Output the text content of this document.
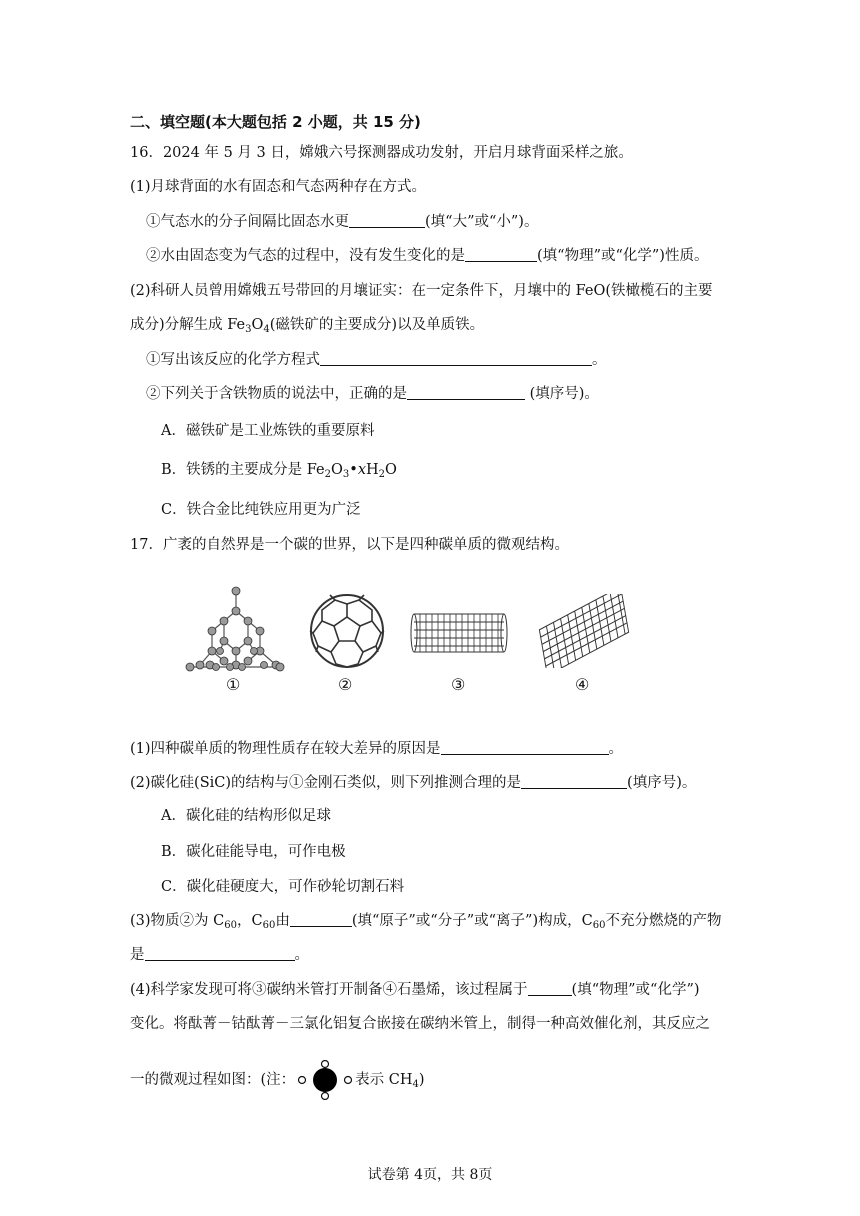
二、填空题(本大题包括 2 小题，共 15 分)
16．2024 年 5 月 3 日，嫦娥六号探测器成功发射，开启月球背面采样之旅。
(1)月球背面的水有固态和气态两种存在方式。
①气态水的分子间隔比固态水更	(填“大”或“小”)。
②水由固态变为气态的过程中，没有发生变化的是	(填“物理”或“化学”)性质。
(2)科研人员曾用嫦娥五号带回的月壤证实：在一定条件下，月壤中的 FeO(铁橄榄石的主要
成分)分解生成 $Fe_3O_4$(磁铁矿的主要成分)以及单质铁。
①写出该反应的化学方程式	。
②下列关于含铁物质的说法中，正确的是	(填序号)。
A．磁铁矿是工业炼铁的重要原料
B．铁锈的主要成分是 $Fe_2O_3•xH_2O$
C．铁合金比纯铁应用更为广泛
17．广袤的自然界是一个碳的世界，以下是四种碳单质的微观结构。
①	②	③	④
(1)四种碳单质的物理性质存在较大差异的原因是	。
(2)碳化硅(SiC)的结构与①金刚石类似，则下列推测合理的是	(填序号)。
A．碳化硅的结构形似足球
B．碳化硅能导电，可作电极
C．碳化硅硬度大，可作砂轮切割石料
(3)物质②为 $C_{60}$，$C_{60}$由	(填“原子”或“分子”或“离子”)构成，$C_{60}$不充分燃烧的产物
是	。
(4)科学家发现可将③碳纳米管打开制备④石墨烯，该过程属于	(填“物理”或“化学”)
变化。将酞菁－钴酞菁－三氯化铝复合嵌接在碳纳米管上，制得一种高效催化剂，其反应之
一的微观过程如图：(注：	表示 $CH_4$)
试卷第 4页，共 8页
